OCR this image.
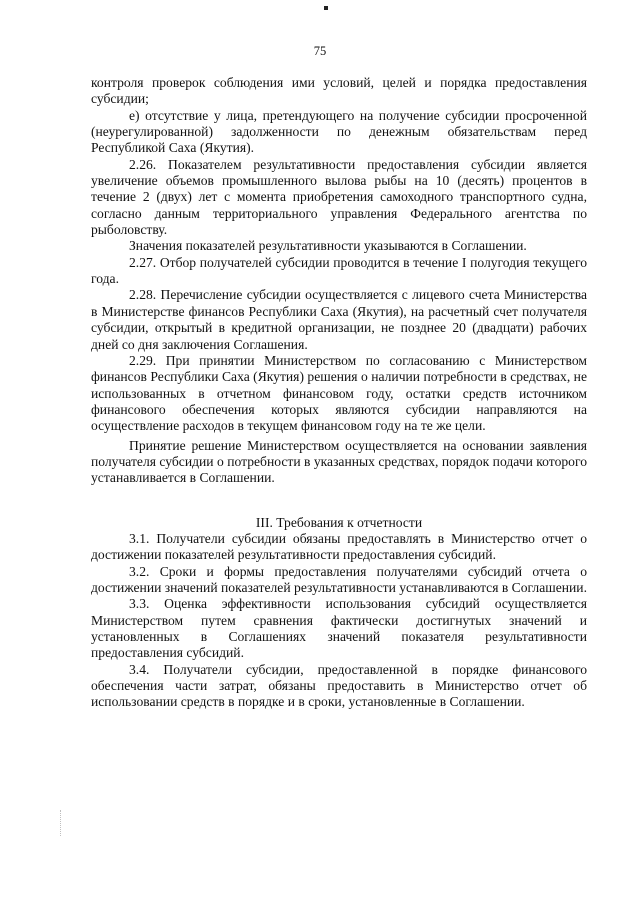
75

контроля проверок соблюдения ими условий, целей и порядка предоставления субсидии;

е) отсутствие у лица, претендующего на получение субсидии просроченной (неурегулированной) задолженности по денежным обязательствам перед Республикой Саха (Якутия).

2.26. Показателем результативности предоставления субсидии является увеличение объемов промышленного вылова рыбы на 10 (десять) процентов в течение 2 (двух) лет с момента приобретения самоходного транспортного судна, согласно данным территориального управления Федерального агентства по рыболовству.

Значения показателей результативности указываются в Соглашении.

2.27. Отбор получателей субсидии проводится в течение I полугодия текущего года.

2.28. Перечисление субсидии осуществляется с лицевого счета Министерства в Министерстве финансов Республики Саха (Якутия), на расчетный счет получателя субсидии, открытый в кредитной организации, не позднее 20 (двадцати) рабочих дней со дня заключения Соглашения.

2.29. При принятии Министерством по согласованию с Министерством финансов Республики Саха (Якутия) решения о наличии потребности в средствах, не использованных в отчетном финансовом году, остатки средств источником финансового обеспечения которых являются субсидии направляются на осуществление расходов в текущем финансовом году на те же цели.

Принятие решение Министерством осуществляется на основании заявления получателя субсидии о потребности в указанных средствах, порядок подачи которого устанавливается в Соглашении.

III. Требования к отчетности

3.1. Получатели субсидии обязаны предоставлять в Министерство отчет о достижении показателей результативности предоставления субсидий.

3.2. Сроки и формы предоставления получателями субсидий отчета о достижении значений показателей результативности устанавливаются в Соглашении.

3.3. Оценка эффективности использования субсидий осуществляется Министерством путем сравнения фактически достигнутых значений и установленных в Соглашениях значений показателя результативности предоставления субсидий.

3.4. Получатели субсидии, предоставленной в порядке финансового обеспечения части затрат, обязаны предоставить в Министерство отчет об использовании средств в порядке и в сроки, установленные в Соглашении.
